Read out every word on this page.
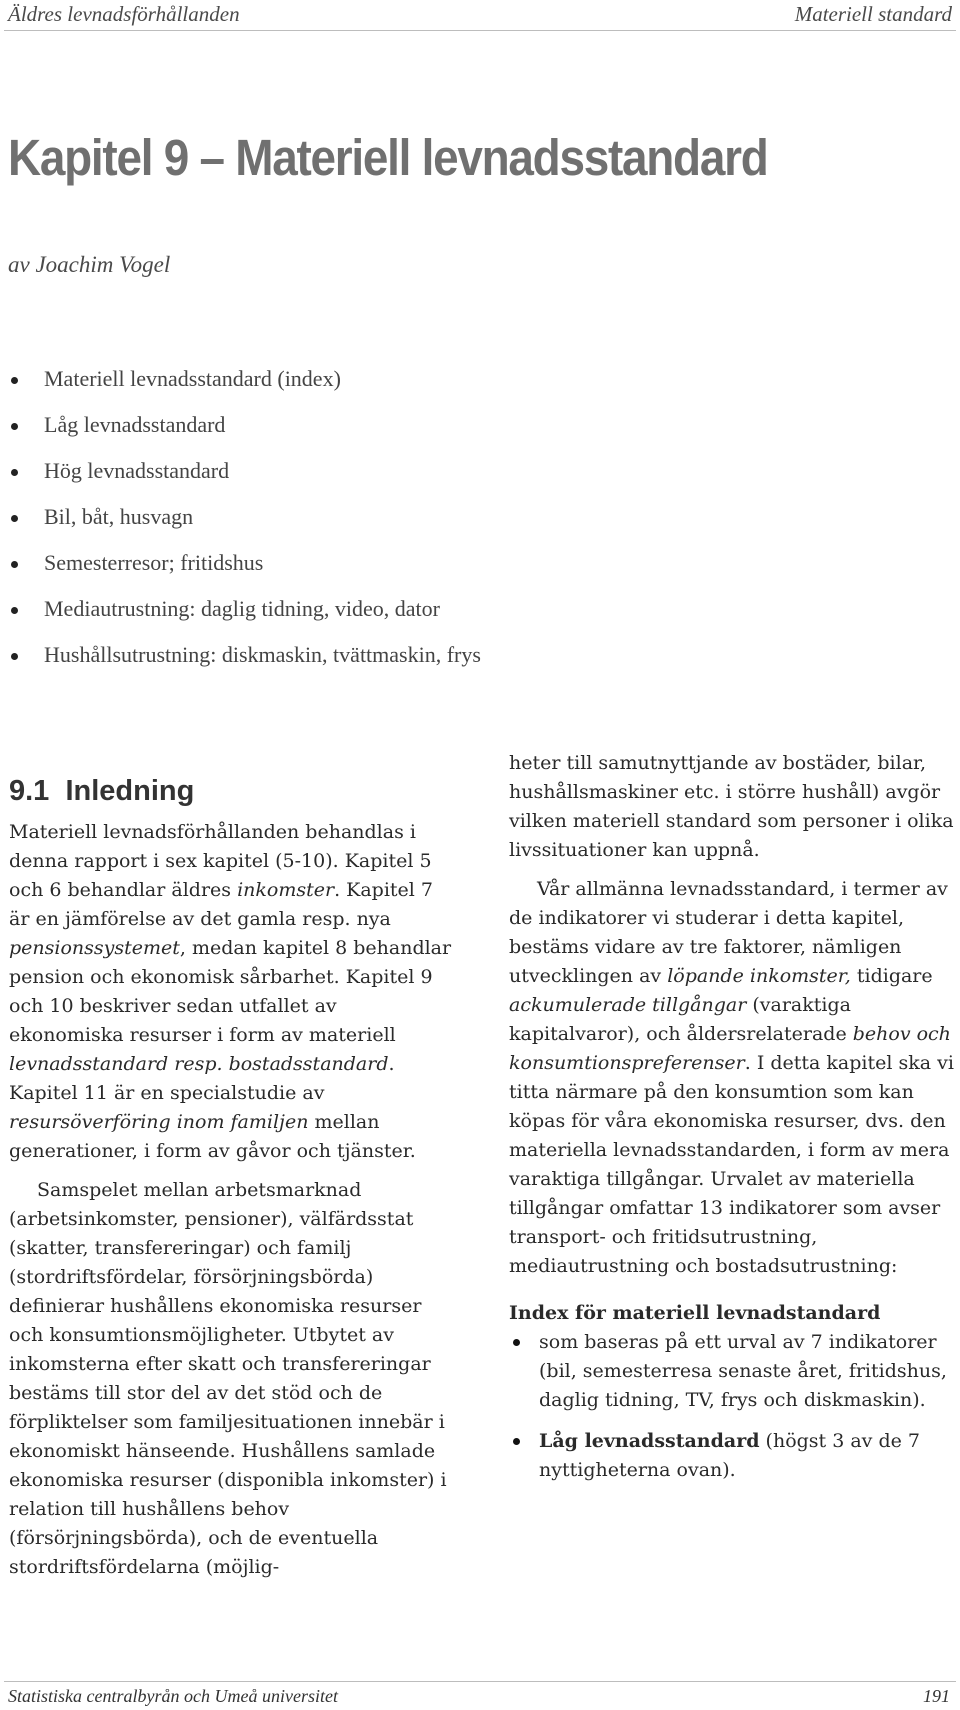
Äldres levnadsförhållanden	Materiell standard
Kapitel 9 – Materiell levnadsstandard
av Joachim Vogel
Materiell levnadsstandard (index)
Låg levnadsstandard
Hög levnadsstandard
Bil, båt, husvagn
Semesterresor; fritidshus
Mediautrustning: daglig tidning, video, dator
Hushållsutrustning: diskmaskin, tvättmaskin, frys
9.1 Inledning

Materiell levnadsförhållanden behandlas i denna rapport i sex kapitel (5-10). Kapitel 5 och 6 behandlar äldres inkomster. Kapitel 7 är en jämförelse av det gamla resp. nya pensionssystemet, medan kapitel 8 behandlar pension och ekonomisk sårbarhet. Kapitel 9 och 10 beskriver sedan utfallet av ekonomiska resurser i form av materiell levnadsstandard resp. bostadsstandard. Kapitel 11 är en specialstudie av resursöverföring inom familjen mellan generationer, i form av gåvor och tjänster.

Samspelet mellan arbetsmarknad (arbetsinkomster, pensioner), välfärdsstat (skatter, transfereringar) och familj (stordriftsfördelar, försörjningsbörda) definierar hushållens ekonomiska resurser och konsumtionsmöjligheter. Utbytet av inkomsterna efter skatt och transfereringar bestäms till stor del av det stöd och de förpliktelser som familjesituationen innebär i ekonomiskt hänseende. Hushållens samlade ekonomiska resurser (disponibla inkomster) i relation till hushållens behov (försörjningsbörda), och de eventuella stordriftsfördelarna (möjlig-

heter till samutnyttjande av bostäder, bilar, hushållsmaskiner etc. i större hushåll) avgör vilken materiell standard som personer i olika livssituationer kan uppnå.

Vår allmänna levnadsstandard, i termer av de indikatorer vi studerar i detta kapitel, bestäms vidare av tre faktorer, nämligen utvecklingen av löpande inkomster, tidigare ackumulerade tillgångar (varaktiga kapitalvaror), och åldersrelaterade behov och konsumtionspreferenser. I detta kapitel ska vi titta närmare på den konsumtion som kan köpas för våra ekonomiska resurser, dvs. den materiella levnadsstandarden, i form av mera varaktiga tillgångar. Urvalet av materiella tillgångar omfattar 13 indikatorer som avser transport- och fritidsutrustning, mediautrustning och bostadsutrustning:

Index för materiell levnadstandard

som baseras på ett urval av 7 indikatorer (bil, semesterresa senaste året, fritidshus, daglig tidning, TV, frys och diskmaskin).
Låg levnadsstandard (högst 3 av de 7 nyttigheterna ovan).
Statistiska centralbyrån och Umeå universitet	191
